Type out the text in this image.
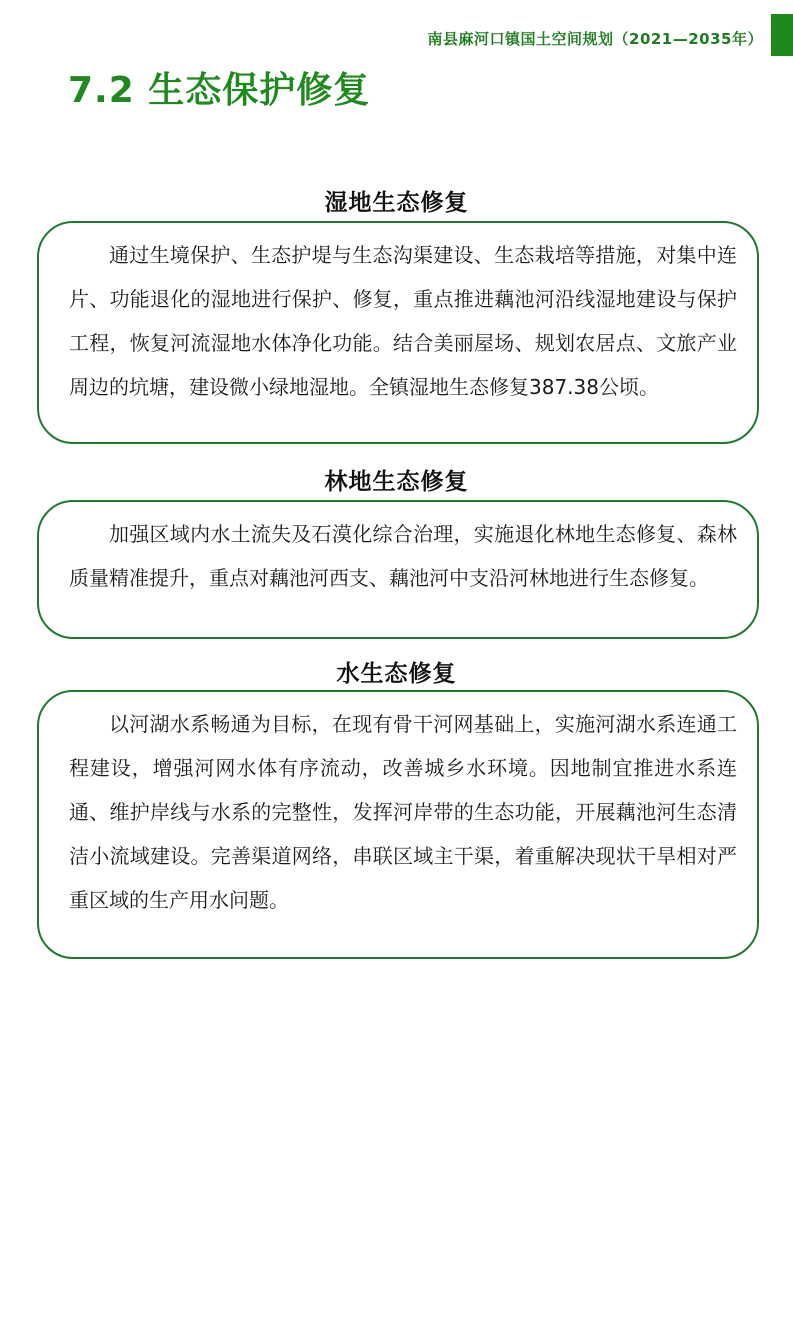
南县麻河口镇国土空间规划（2021—2035年）
7.2 生态保护修复
湿地生态修复

通过生境保护、生态护堤与生态沟渠建设、生态栽培等措施，对集中连片、功能退化的湿地进行保护、修复，重点推进藕池河沿线湿地建设与保护工程，恢复河流湿地水体净化功能。结合美丽屋场、规划农居点、文旅产业周边的坑塘，建设微小绿地湿地。全镇湿地生态修复387.38公顷。

林地生态修复

加强区域内水土流失及石漠化综合治理，实施退化林地生态修复、森林质量精准提升，重点对藕池河西支、藕池河中支沿河林地进行生态修复。

水生态修复

以河湖水系畅通为目标，在现有骨干河网基础上，实施河湖水系连通工程建设，增强河网水体有序流动，改善城乡水环境。因地制宜推进水系连通、维护岸线与水系的完整性，发挥河岸带的生态功能，开展藕池河生态清洁小流域建设。完善渠道网络，串联区域主干渠，着重解决现状干旱相对严重区域的生产用水问题。
